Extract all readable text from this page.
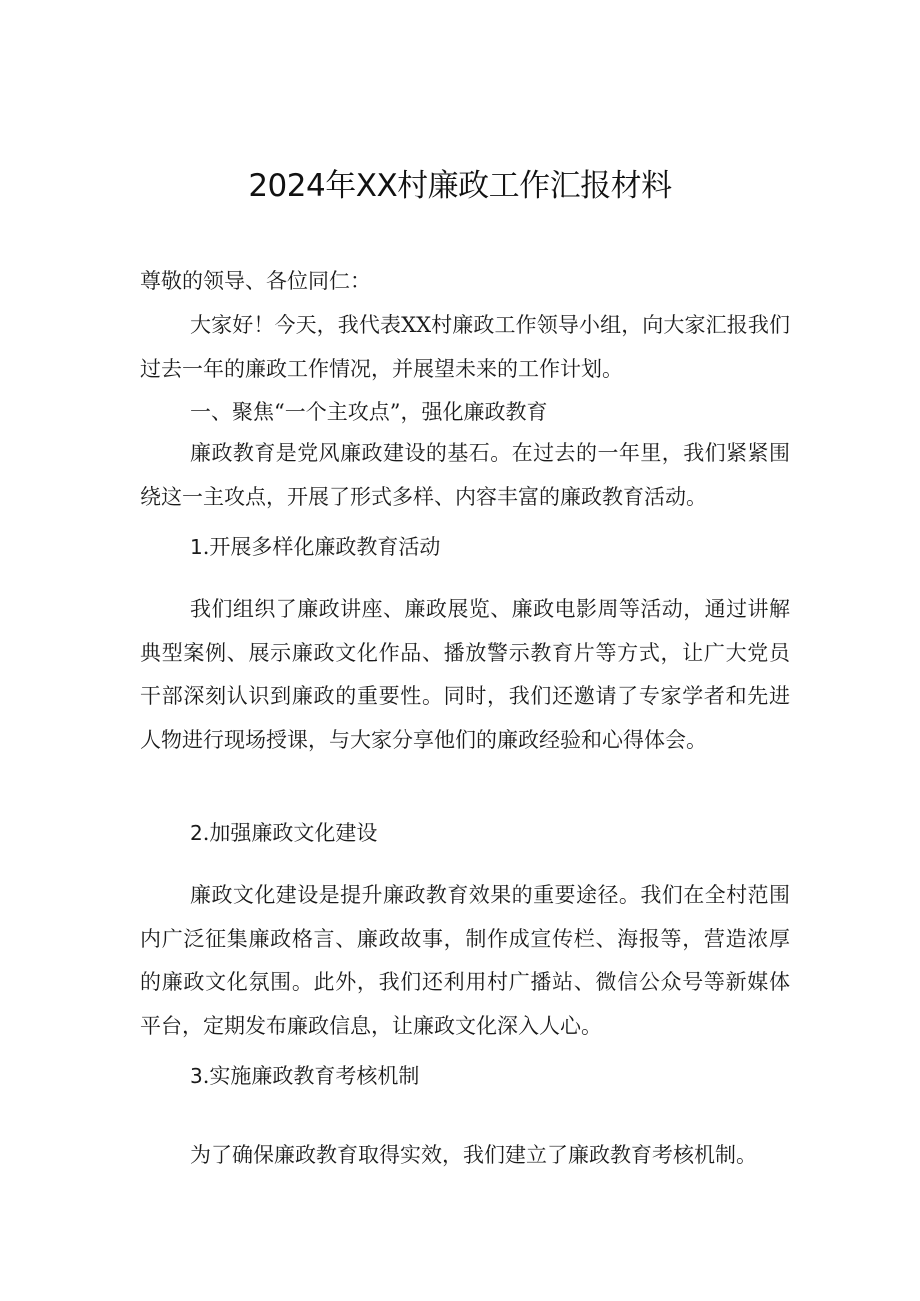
2024年XX村廉政工作汇报材料
尊敬的领导、各位同仁：
大家好！今天，我代表XX村廉政工作领导小组，向大家汇报我们过去一年的廉政工作情况，并展望未来的工作计划。
一、聚焦“一个主攻点”，强化廉政教育
廉政教育是党风廉政建设的基石。在过去的一年里，我们紧紧围绕这一主攻点，开展了形式多样、内容丰富的廉政教育活动。
1.开展多样化廉政教育活动
我们组织了廉政讲座、廉政展览、廉政电影周等活动，通过讲解典型案例、展示廉政文化作品、播放警示教育片等方式，让广大党员干部深刻认识到廉政的重要性。同时，我们还邀请了专家学者和先进人物进行现场授课，与大家分享他们的廉政经验和心得体会。
2.加强廉政文化建设
廉政文化建设是提升廉政教育效果的重要途径。我们在全村范围内广泛征集廉政格言、廉政故事，制作成宣传栏、海报等，营造浓厚的廉政文化氛围。此外，我们还利用村广播站、微信公众号等新媒体平台，定期发布廉政信息，让廉政文化深入人心。
3.实施廉政教育考核机制
为了确保廉政教育取得实效，我们建立了廉政教育考核机制。
